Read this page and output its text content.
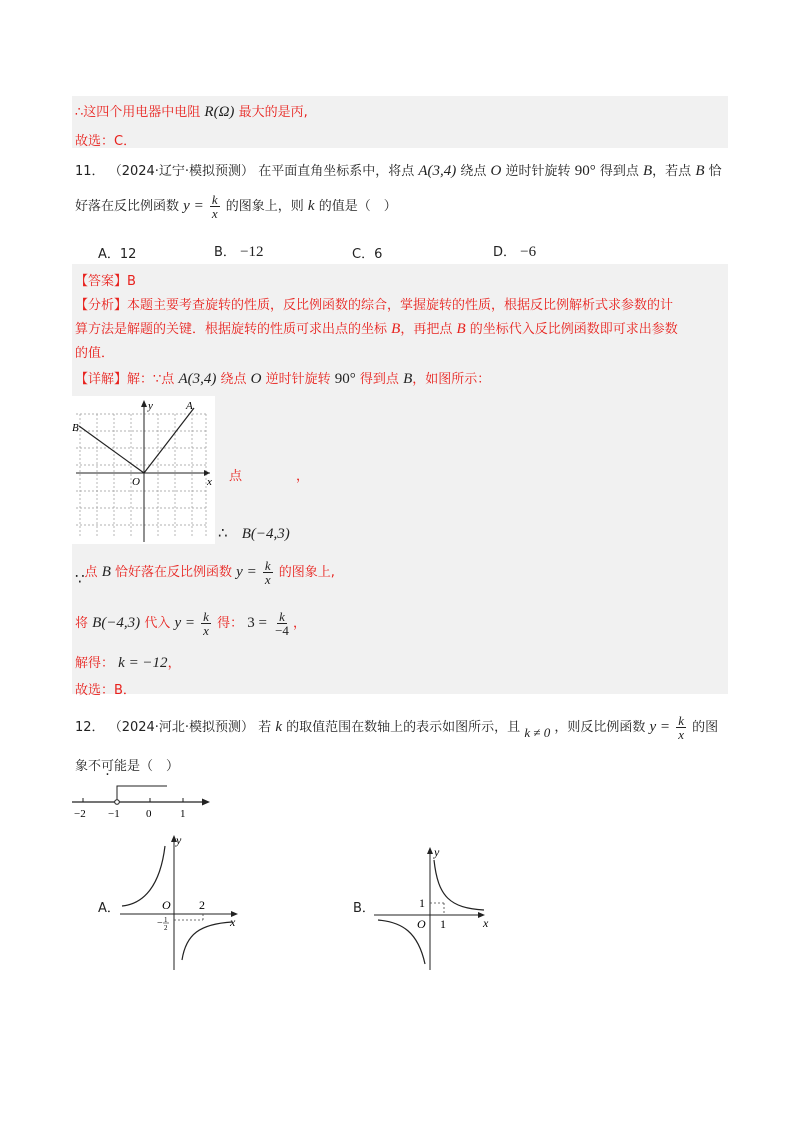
∴这四个用电器中电阻 R(Ω) 最大的是丙,
故选：C．
11． （2024·辽宁·模拟预测） 在平面直角坐标系中，将点 A(3,4) 绕点 O 逆时针旋转 90° 得到点 B，若点 B 恰
好落在反比例函数 $y = \frac{k}{x}$ 的图象上，则 k 的值是（　）
A．12	B． −12	C．6	D． −6
【答案】B
【分析】本题主要考查旋转的性质，反比例函数的综合，掌握旋转的性质，根据反比例解析式求参数的计
算方法是解题的关键．根据旋转的性质可求出点的坐标 B，再把点 B 的坐标代入反比例函数即可求出参数
的值．
【详解】解：∵点 A(3,4) 绕点 O 逆时针旋转 90° 得到点 B，如图所示：
y
x
O
A
B
点	，
∴ B(−4,3)
∵点 B 恰好落在反比例函数 $y = \frac{k}{x}$ 的图象上,
将 B(−4,3) 代入 $y = \frac{k}{x}$ 得： $3 = \frac{k}{-4}$ ，
解得： k = −12，
故选：B．
12． （2024·河北·模拟预测） 若 k 的取值范围在数轴上的表示如图所示，且 k ≠ 0 ，则反比例函数 $y = \frac{k}{x}$ 的图
象不可能是（　）
−2 −1 0	1
A．
y
x
O 2
− 1
2
B．
y
x
O 1
1
